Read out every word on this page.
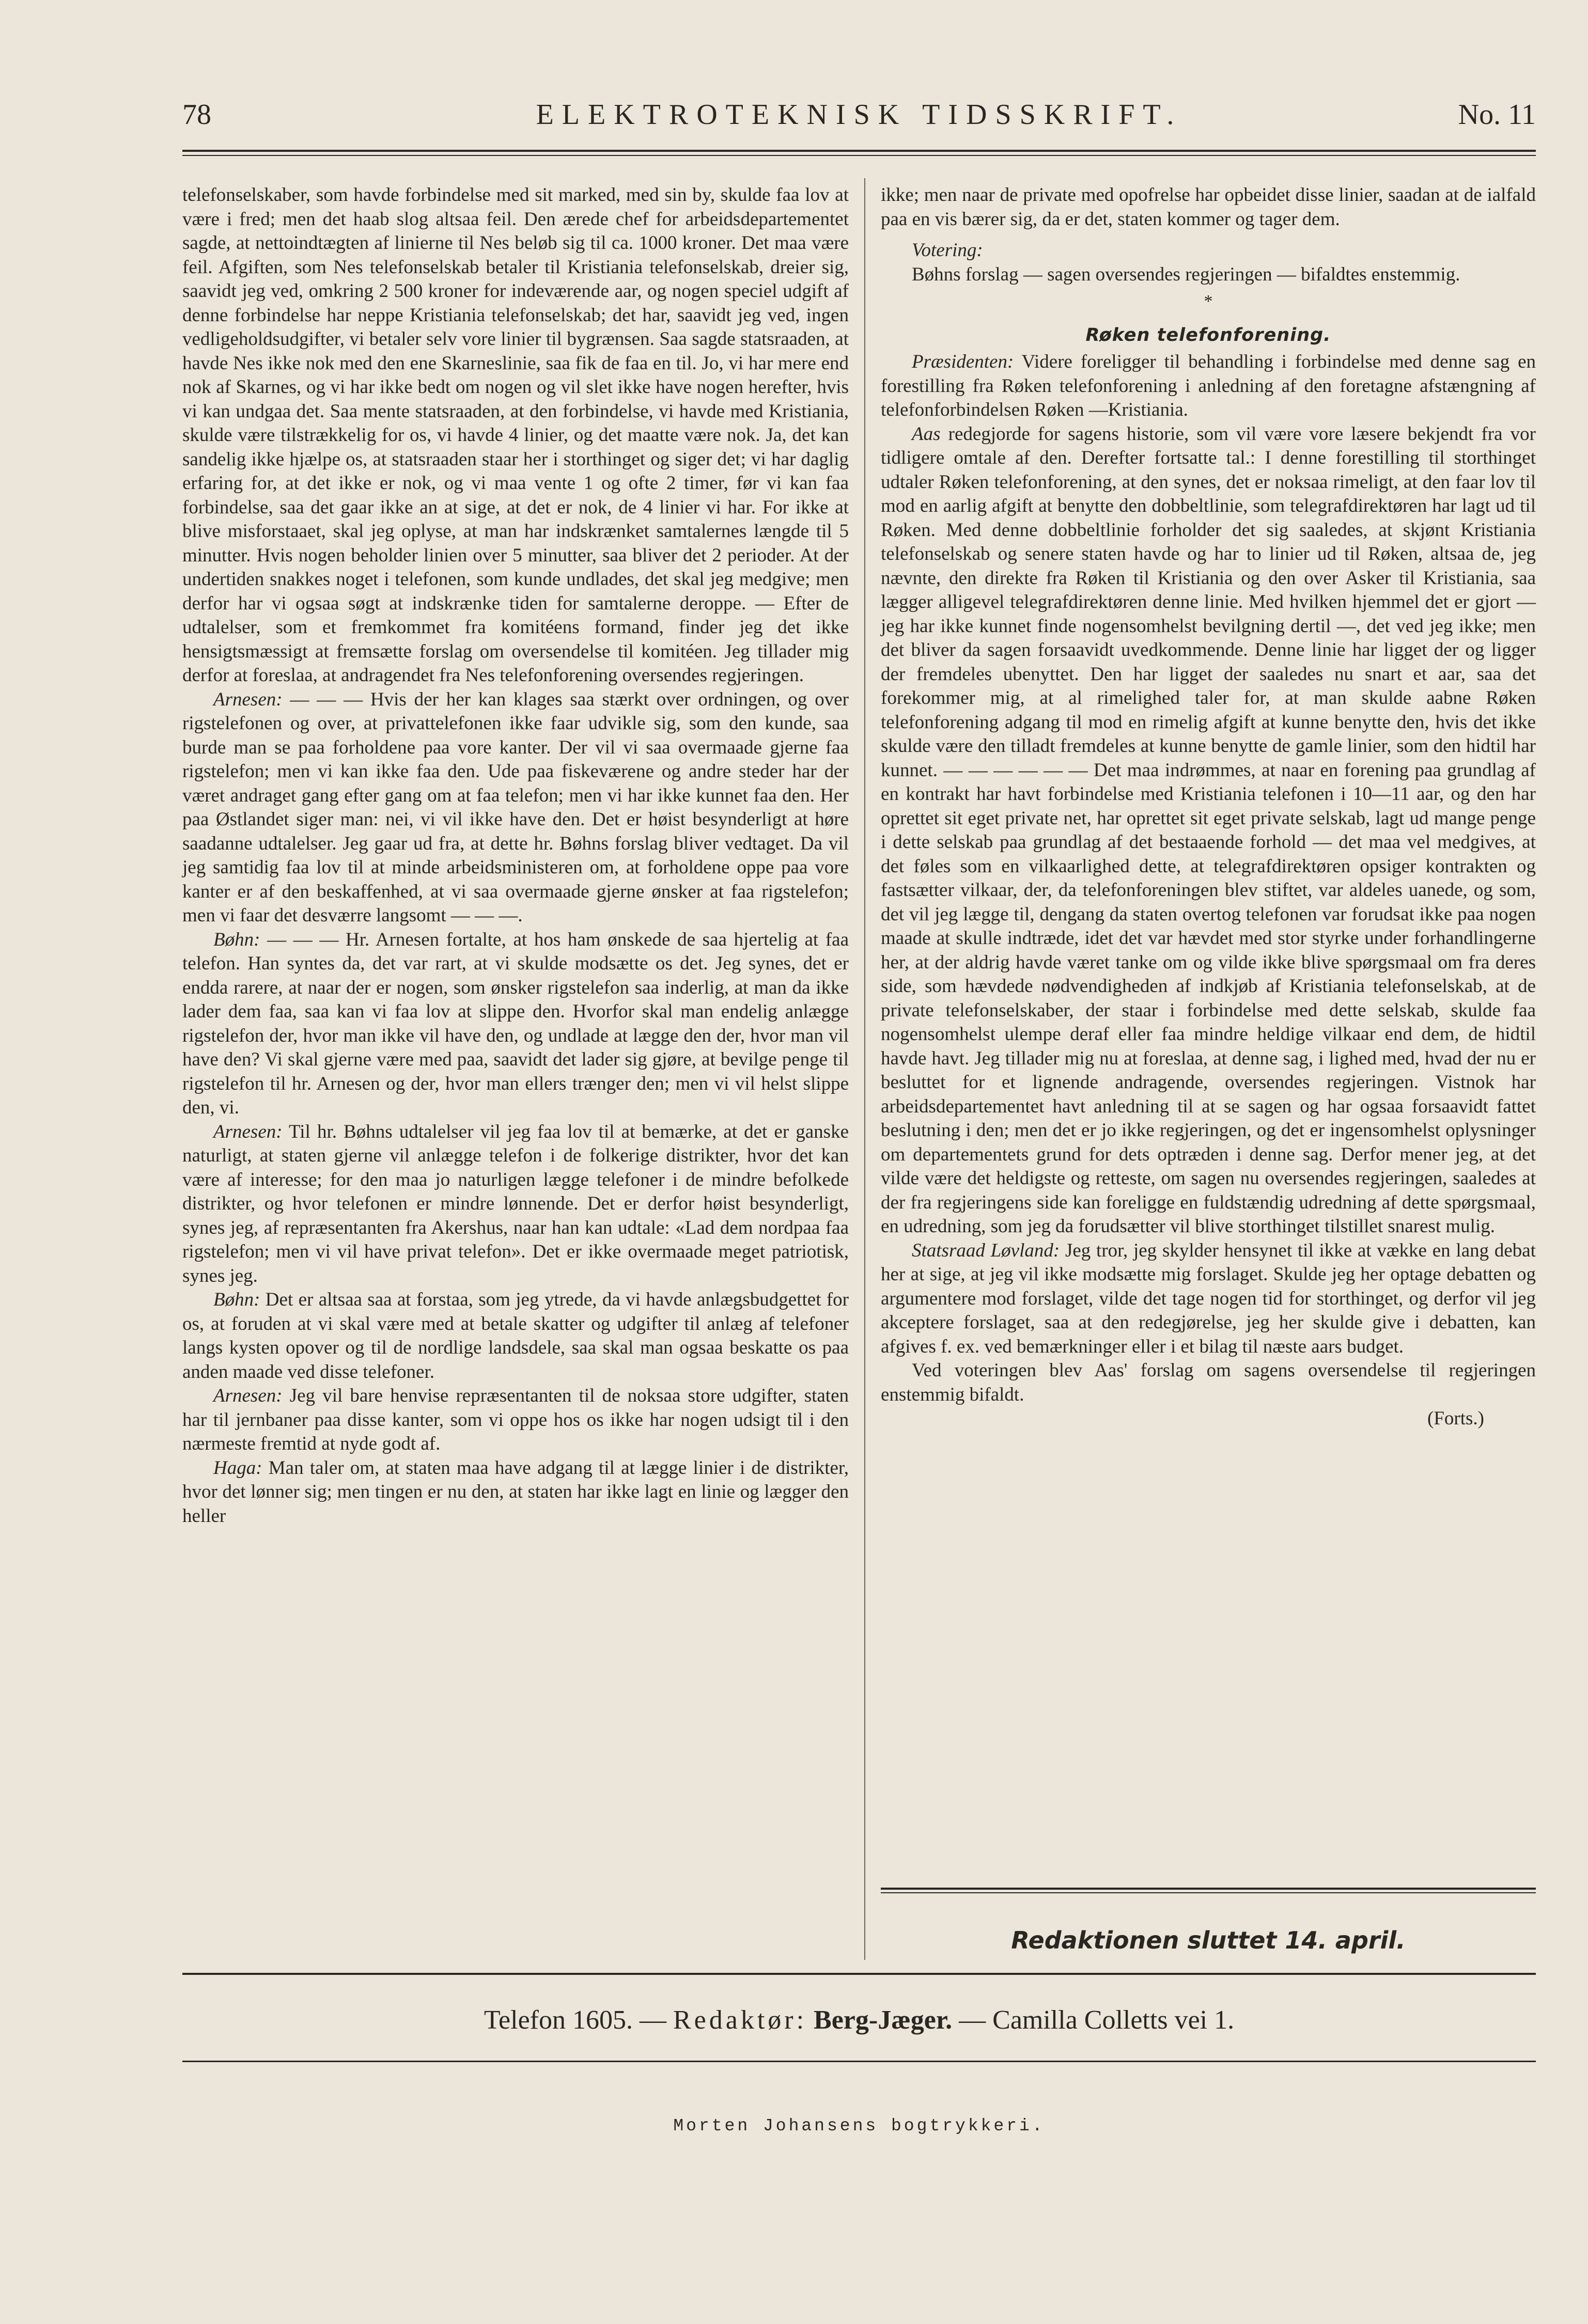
78	ELEKTROTEKNISK TIDSSKRIFT.	No. 11

telefonselskaber, som havde forbindelse med sit marked, med sin by, skulde faa lov at være i fred; men det haab slog altsaa feil. Den ærede chef for arbeidsdepartementet sagde, at nettoindtægten af linierne til Nes beløb sig til ca. 1000 kroner. Det maa være feil. Afgiften, som Nes telefonselskab betaler til Kristiania telefonselskab, dreier sig, saavidt jeg ved, omkring 2 500 kroner for indeværende aar, og nogen speciel udgift af denne forbindelse har neppe Kristiania telefonselskab; det har, saavidt jeg ved, ingen vedligeholdsudgifter, vi betaler selv vore linier til bygrænsen. Saa sagde statsraaden, at havde Nes ikke nok med den ene Skarneslinie, saa fik de faa en til. Jo, vi har mere end nok af Skarnes, og vi har ikke bedt om nogen og vil slet ikke have nogen herefter, hvis vi kan undgaa det. Saa mente statsraaden, at den forbindelse, vi havde med Kristiania, skulde være tilstrækkelig for os, vi havde 4 linier, og det maatte være nok. Ja, det kan sandelig ikke hjælpe os, at statsraaden staar her i storthinget og siger det; vi har daglig erfaring for, at det ikke er nok, og vi maa vente 1 og ofte 2 timer, før vi kan faa forbindelse, saa det gaar ikke an at sige, at det er nok, de 4 linier vi har. For ikke at blive misforstaaet, skal jeg oplyse, at man har indskrænket samtalernes længde til 5 minutter. Hvis nogen beholder linien over 5 minutter, saa bliver det 2 perioder. At der undertiden snakkes noget i telefonen, som kunde undlades, det skal jeg medgive; men derfor har vi ogsaa søgt at indskrænke tiden for samtalerne deroppe. — Efter de udtalelser, som et fremkommet fra komitéens formand, finder jeg det ikke hensigtsmæssigt at fremsætte forslag om oversendelse til komitéen. Jeg tillader mig derfor at foreslaa, at andragendet fra Nes telefonforening oversendes regjeringen.

Arnesen: — — — Hvis der her kan klages saa stærkt over ordningen, og over rigstelefonen og over, at privattelefonen ikke faar udvikle sig, som den kunde, saa burde man se paa forholdene paa vore kanter. Der vil vi saa overmaade gjerne faa rigstelefon; men vi kan ikke faa den. Ude paa fiskeværene og andre steder har der været andraget gang efter gang om at faa telefon; men vi har ikke kunnet faa den. Her paa Østlandet siger man: nei, vi vil ikke have den. Det er høist besynderligt at høre saadanne udtalelser. Jeg gaar ud fra, at dette hr. Bøhns forslag bliver vedtaget. Da vil jeg samtidig faa lov til at minde arbeidsministeren om, at forholdene oppe paa vore kanter er af den beskaffenhed, at vi saa overmaade gjerne ønsker at faa rigstelefon; men vi faar det desværre langsomt — — —.

Bøhn: — — — Hr. Arnesen fortalte, at hos ham ønskede de saa hjertelig at faa telefon. Han syntes da, det var rart, at vi skulde modsætte os det. Jeg synes, det er endda rarere, at naar der er nogen, som ønsker rigstelefon saa inderlig, at man da ikke lader dem faa, saa kan vi faa lov at slippe den. Hvorfor skal man endelig anlægge rigstelefon der, hvor man ikke vil have den, og undlade at lægge den der, hvor man vil have den? Vi skal gjerne være med paa, saavidt det lader sig gjøre, at bevilge penge til rigstelefon til hr. Arnesen og der, hvor man ellers trænger den; men vi vil helst slippe den, vi.

Arnesen: Til hr. Bøhns udtalelser vil jeg faa lov til at bemærke, at det er ganske naturligt, at staten gjerne vil anlægge telefon i de folkerige distrikter, hvor det kan være af interesse; for den maa jo naturligen lægge telefoner i de mindre befolkede distrikter, og hvor telefonen er mindre lønnende. Det er derfor høist besynderligt, synes jeg, af repræsentanten fra Akershus, naar han kan udtale: «Lad dem nordpaa faa rigstelefon; men vi vil have privat telefon». Det er ikke overmaade meget patriotisk, synes jeg.

Bøhn: Det er altsaa saa at forstaa, som jeg ytrede, da vi havde anlægsbudgettet for os, at foruden at vi skal være med at betale skatter og udgifter til anlæg af telefoner langs kysten opover og til de nordlige landsdele, saa skal man ogsaa beskatte os paa anden maade ved disse telefoner.

Arnesen: Jeg vil bare henvise repræsentanten til de noksaa store udgifter, staten har til jernbaner paa disse kanter, som vi oppe hos os ikke har nogen udsigt til i den nærmeste fremtid at nyde godt af.

Haga: Man taler om, at staten maa have adgang til at lægge linier i de distrikter, hvor det lønner sig; men tingen er nu den, at staten har ikke lagt en linie og lægger den heller

ikke; men naar de private med opofrelse har opbeidet disse linier, saadan at de ialfald paa en vis bærer sig, da er det, staten kommer og tager dem.

Votering:

Bøhns forslag — sagen oversendes regjeringen — bifaldtes enstemmig.

*
Røken telefonforening.

Præsidenten: Videre foreligger til behandling i forbindelse med denne sag en forestilling fra Røken telefonforening i anledning af den foretagne afstængning af telefonforbindelsen Røken —Kristiania.

Aas redegjorde for sagens historie, som vil være vore læsere bekjendt fra vor tidligere omtale af den. Derefter fortsatte tal.: I denne forestilling til storthinget udtaler Røken telefonforening, at den synes, det er noksaa rimeligt, at den faar lov til mod en aarlig afgift at benytte den dobbeltlinie, som telegrafdirektøren har lagt ud til Røken. Med denne dobbeltlinie forholder det sig saaledes, at skjønt Kristiania telefonselskab og senere staten havde og har to linier ud til Røken, altsaa de, jeg nævnte, den direkte fra Røken til Kristiania og den over Asker til Kristiania, saa lægger alligevel telegrafdirektøren denne linie. Med hvilken hjemmel det er gjort — jeg har ikke kunnet finde nogensomhelst bevilgning dertil —, det ved jeg ikke; men det bliver da sagen forsaavidt uvedkommende. Denne linie har ligget der og ligger der fremdeles ubenyttet. Den har ligget der saaledes nu snart et aar, saa det forekommer mig, at al rimelighed taler for, at man skulde aabne Røken telefonforening adgang til mod en rimelig afgift at kunne benytte den, hvis det ikke skulde være den tilladt fremdeles at kunne benytte de gamle linier, som den hidtil har kunnet. — — — — — — Det maa indrømmes, at naar en forening paa grundlag af en kontrakt har havt forbindelse med Kristiania telefonen i 10—11 aar, og den har oprettet sit eget private net, har oprettet sit eget private selskab, lagt ud mange penge i dette selskab paa grundlag af det bestaaende forhold — det maa vel medgives, at det føles som en vilkaarlighed dette, at telegrafdirektøren opsiger kontrakten og fastsætter vilkaar, der, da telefonforeningen blev stiftet, var aldeles uanede, og som, det vil jeg lægge til, dengang da staten overtog telefonen var forudsat ikke paa nogen maade at skulle indtræde, idet det var hævdet med stor styrke under forhandlingerne her, at der aldrig havde været tanke om og vilde ikke blive spørgsmaal om fra deres side, som hævdede nødvendigheden af indkjøb af Kristiania telefonselskab, at de private telefonselskaber, der staar i forbindelse med dette selskab, skulde faa nogensomhelst ulempe deraf eller faa mindre heldige vilkaar end dem, de hidtil havde havt. Jeg tillader mig nu at foreslaa, at denne sag, i lighed med, hvad der nu er besluttet for et lignende andragende, oversendes regjeringen. Vistnok har arbeidsdepartementet havt anledning til at se sagen og har ogsaa forsaavidt fattet beslutning i den; men det er jo ikke regjeringen, og det er ingensomhelst oplysninger om departementets grund for dets optræden i denne sag. Derfor mener jeg, at det vilde være det heldigste og retteste, om sagen nu oversendes regjeringen, saaledes at der fra regjeringens side kan foreligge en fuldstændig udredning af dette spørgsmaal, en udredning, som jeg da forudsætter vil blive storthinget tilstillet snarest mulig.

Statsraad Løvland: Jeg tror, jeg skylder hensynet til ikke at vække en lang debat her at sige, at jeg vil ikke modsætte mig forslaget. Skulde jeg her optage debatten og argumentere mod forslaget, vilde det tage nogen tid for storthinget, og derfor vil jeg akceptere forslaget, saa at den redegjørelse, jeg her skulde give i debatten, kan afgives f. ex. ved bemærkninger eller i et bilag til næste aars budget.

Ved voteringen blev Aas' forslag om sagens oversendelse til regjeringen enstemmig bifaldt.

(Forts.)

Redaktionen sluttet 14. april.
Telefon 1605. — Redaktør: Berg-Jæger. — Camilla Colletts vei 1.
Morten Johansens bogtrykkeri.
